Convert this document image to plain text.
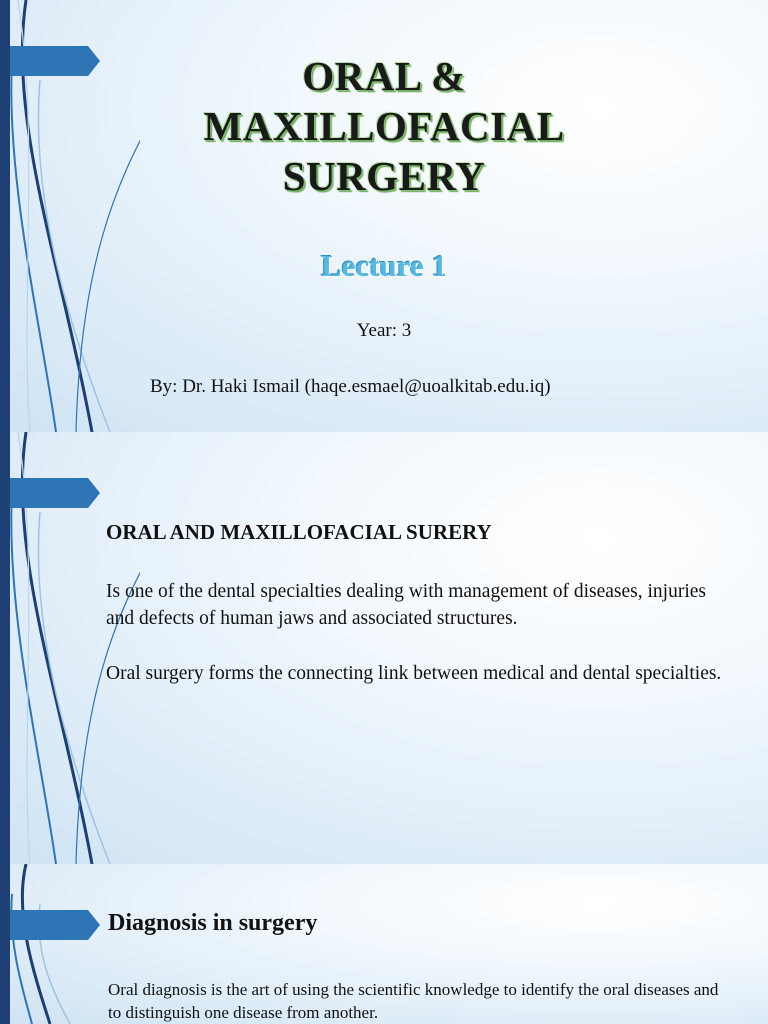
ORAL &
MAXILLOFACIAL
SURGERY
Lecture 1
Year: 3
By: Dr. Haki Ismail (haqe.esmael@uoalkitab.edu.iq)
ORAL AND MAXILLOFACIAL SURERY

Is one of the dental specialties dealing with management of diseases, injuries and defects of human jaws and associated structures.

Oral surgery forms the connecting link between medical and dental specialties.

Diagnosis in surgery

Oral diagnosis is the art of using the scientific knowledge to identify the oral diseases and to distinguish one disease from another.
